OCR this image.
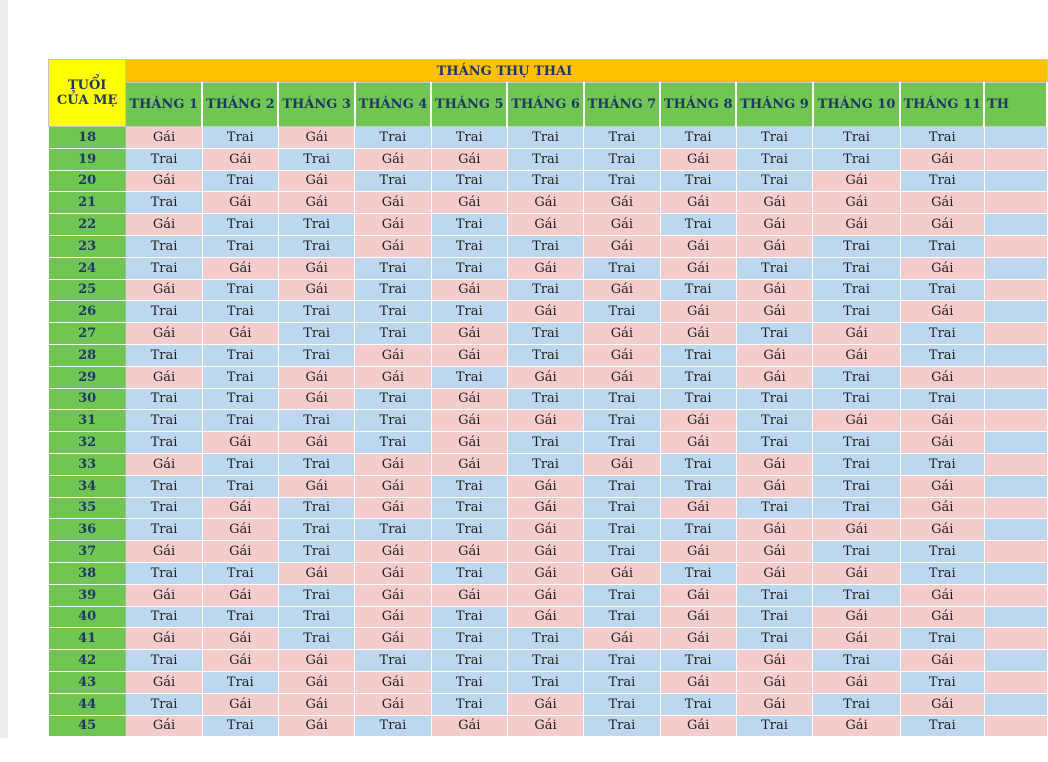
TUỔI
CỦA MẸ	THÁNG THỤ THAI											
	THÁNG 1	THÁNG 2	THÁNG 3	THÁNG 4	THÁNG 5	THÁNG 6	THÁNG 7	THÁNG 8	THÁNG 9	THÁNG 10	THÁNG 11	TH
18	Gái	Trai	Gái	Trai	Trai	Trai	Trai	Trai	Trai	Trai	Trai	
19	Trai	Gái	Trai	Gái	Gái	Trai	Trai	Gái	Trai	Trai	Gái	
20	Gái	Trai	Gái	Trai	Trai	Trai	Trai	Trai	Trai	Gái	Trai	
21	Trai	Gái	Gái	Gái	Gái	Gái	Gái	Gái	Gái	Gái	Gái	
22	Gái	Trai	Trai	Gái	Trai	Gái	Gái	Trai	Gái	Gái	Gái	
23	Trai	Trai	Trai	Gái	Trai	Trai	Gái	Gái	Gái	Trai	Trai	
24	Trai	Gái	Gái	Trai	Trai	Gái	Trai	Gái	Trai	Trai	Gái	
25	Gái	Trai	Gái	Trai	Gái	Trai	Gái	Trai	Gái	Trai	Trai	
26	Trai	Trai	Trai	Trai	Trai	Gái	Trai	Gái	Gái	Trai	Gái	
27	Gái	Gái	Trai	Trai	Gái	Trai	Gái	Gái	Trai	Gái	Trai	
28	Trai	Trai	Trai	Gái	Gái	Trai	Gái	Trai	Gái	Gái	Trai	
29	Gái	Trai	Gái	Gái	Trai	Gái	Gái	Trai	Gái	Trai	Gái	
30	Trai	Trai	Gái	Trai	Gái	Trai	Trai	Trai	Trai	Trai	Trai	
31	Trai	Trai	Trai	Trai	Gái	Gái	Trai	Gái	Trai	Gái	Gái	
32	Trai	Gái	Gái	Trai	Gái	Trai	Trai	Gái	Trai	Trai	Gái	
33	Gái	Trai	Trai	Gái	Gái	Trai	Gái	Trai	Gái	Trai	Trai	
34	Trai	Trai	Gái	Gái	Trai	Gái	Trai	Trai	Gái	Trai	Gái	
35	Trai	Gái	Trai	Gái	Trai	Gái	Trai	Gái	Trai	Trai	Gái	
36	Trai	Gái	Trai	Trai	Trai	Gái	Trai	Trai	Gái	Gái	Gái	
37	Gái	Gái	Trai	Gái	Gái	Gái	Trai	Gái	Gái	Trai	Trai	
38	Trai	Trai	Gái	Gái	Trai	Gái	Gái	Trai	Gái	Gái	Trai	
39	Gái	Gái	Trai	Gái	Gái	Gái	Trai	Gái	Trai	Trai	Gái	
40	Trai	Trai	Trai	Gái	Trai	Gái	Trai	Gái	Trai	Gái	Gái	
41	Gái	Gái	Trai	Gái	Trai	Trai	Gái	Gái	Trai	Gái	Trai	
42	Trai	Gái	Gái	Trai	Trai	Trai	Trai	Trai	Gái	Trai	Gái	
43	Gái	Trai	Gái	Gái	Trai	Trai	Trai	Gái	Gái	Gái	Trai	
44	Trai	Gái	Gái	Gái	Trai	Gái	Trai	Trai	Gái	Trai	Gái	
45	Gái	Trai	Gái	Trai	Gái	Gái	Trai	Gái	Trai	Gái	Trai	
